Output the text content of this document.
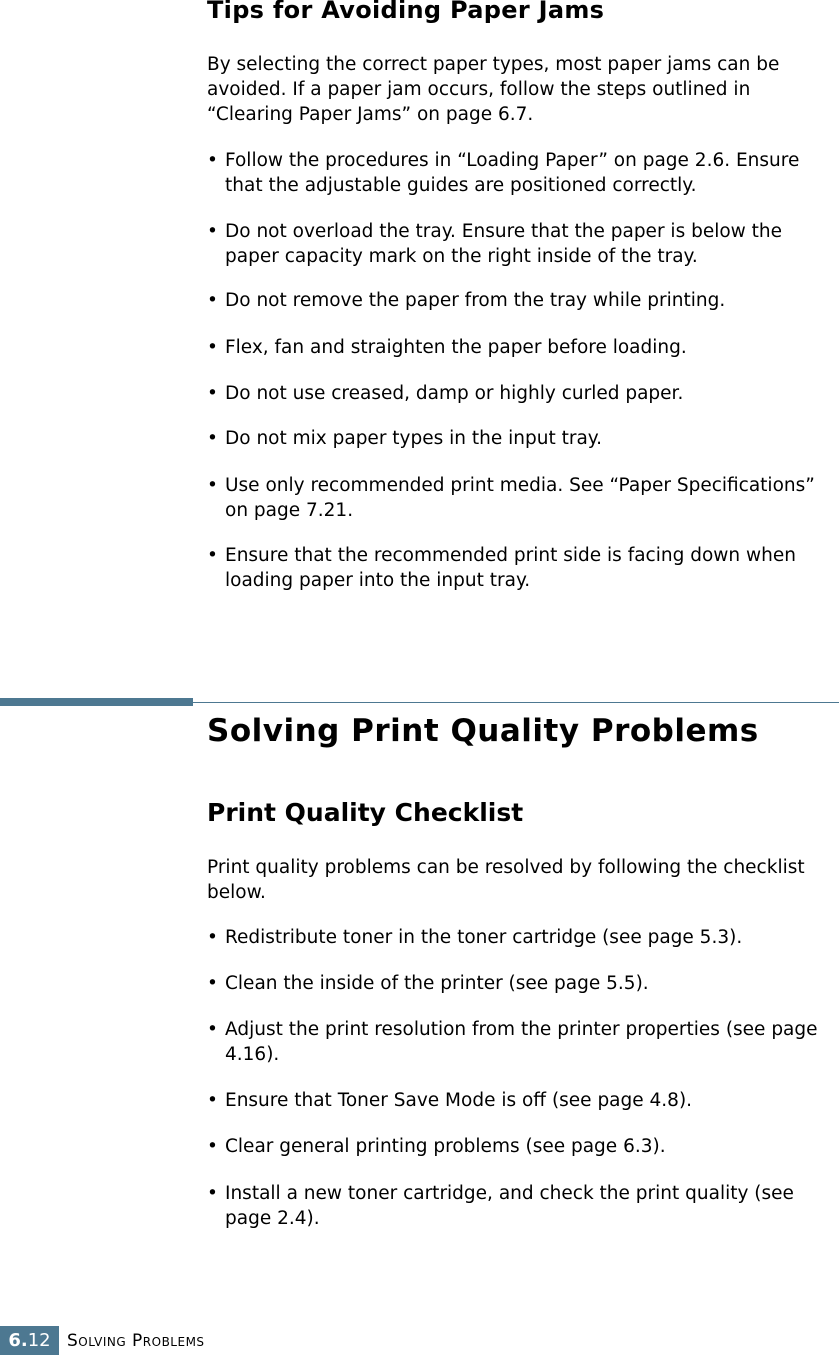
Tips for Avoiding Paper Jams

By selecting the correct paper types, most paper jams can be avoided. If a paper jam occurs, follow the steps outlined in “Clearing Paper Jams” on page 6.7.

• Follow the procedures in “Loading Paper” on page 2.6. Ensure that the adjustable guides are positioned correctly.
• Do not overload the tray. Ensure that the paper is below the paper capacity mark on the right inside of the tray.
• Do not remove the paper from the tray while printing.
• Flex, fan and straighten the paper before loading.
• Do not use creased, damp or highly curled paper.
• Do not mix paper types in the input tray.
• Use only recommended print media. See “Paper Specifications” on page 7.21.
• Ensure that the recommended print side is facing down when loading paper into the input tray.
Solving Print Quality Problems
Print Quality Checklist

Print quality problems can be resolved by following the checklist below.

• Redistribute toner in the toner cartridge (see page 5.3).
• Clean the inside of the printer (see page 5.5).
• Adjust the print resolution from the printer properties (see page 4.16).
• Ensure that Toner Save Mode is off (see page 4.8).
• Clear general printing problems (see page 6.3).
• Install a new toner cartridge, and check the print quality (see page 2.4).
6.12 Solving Problems
